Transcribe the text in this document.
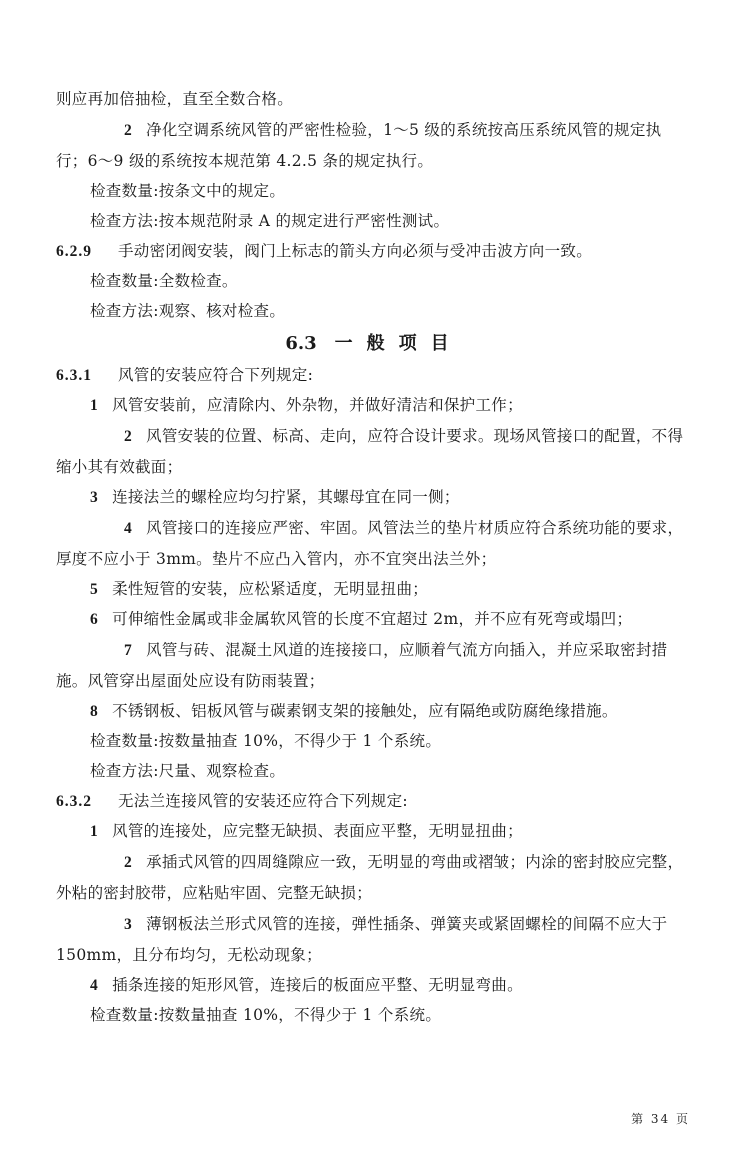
则应再加倍抽检，直至全数合格。
2 净化空调系统风管的严密性检验，1～5 级的系统按高压系统风管的规定执行；6～9 级的系统按本规范第 4.2.5 条的规定执行。
检查数量:按条文中的规定。
检查方法:按本规范附录 A 的规定进行严密性测试。
6.2.9 手动密闭阀安装，阀门上标志的箭头方向必须与受冲击波方向一致。
检查数量:全数检查。
检查方法:观察、核对检查。
6.3 一般项目
6.3.1 风管的安装应符合下列规定:
1 风管安装前，应清除内、外杂物，并做好清洁和保护工作；
2 风管安装的位置、标高、走向，应符合设计要求。现场风管接口的配置，不得缩小其有效截面；
3 连接法兰的螺栓应均匀拧紧，其螺母宜在同一侧；
4 风管接口的连接应严密、牢固。风管法兰的垫片材质应符合系统功能的要求，厚度不应小于 3mm。垫片不应凸入管内，亦不宜突出法兰外；
5 柔性短管的安装，应松紧适度，无明显扭曲；
6 可伸缩性金属或非金属软风管的长度不宜超过 2m，并不应有死弯或塌凹；
7 风管与砖、混凝土风道的连接接口，应顺着气流方向插入，并应采取密封措施。风管穿出屋面处应设有防雨装置；
8 不锈钢板、铝板风管与碳素钢支架的接触处，应有隔绝或防腐绝缘措施。
检查数量:按数量抽查 10%，不得少于 1 个系统。
检查方法:尺量、观察检查。
6.3.2 无法兰连接风管的安装还应符合下列规定:
1 风管的连接处，应完整无缺损、表面应平整，无明显扭曲；
2 承插式风管的四周缝隙应一致，无明显的弯曲或褶皱；内涂的密封胶应完整，外粘的密封胶带，应粘贴牢固、完整无缺损；
3 薄钢板法兰形式风管的连接，弹性插条、弹簧夹或紧固螺栓的间隔不应大于 150mm，且分布均匀，无松动现象；
4 插条连接的矩形风管，连接后的板面应平整、无明显弯曲。
检查数量:按数量抽查 10%，不得少于 1 个系统。
第 34 页
